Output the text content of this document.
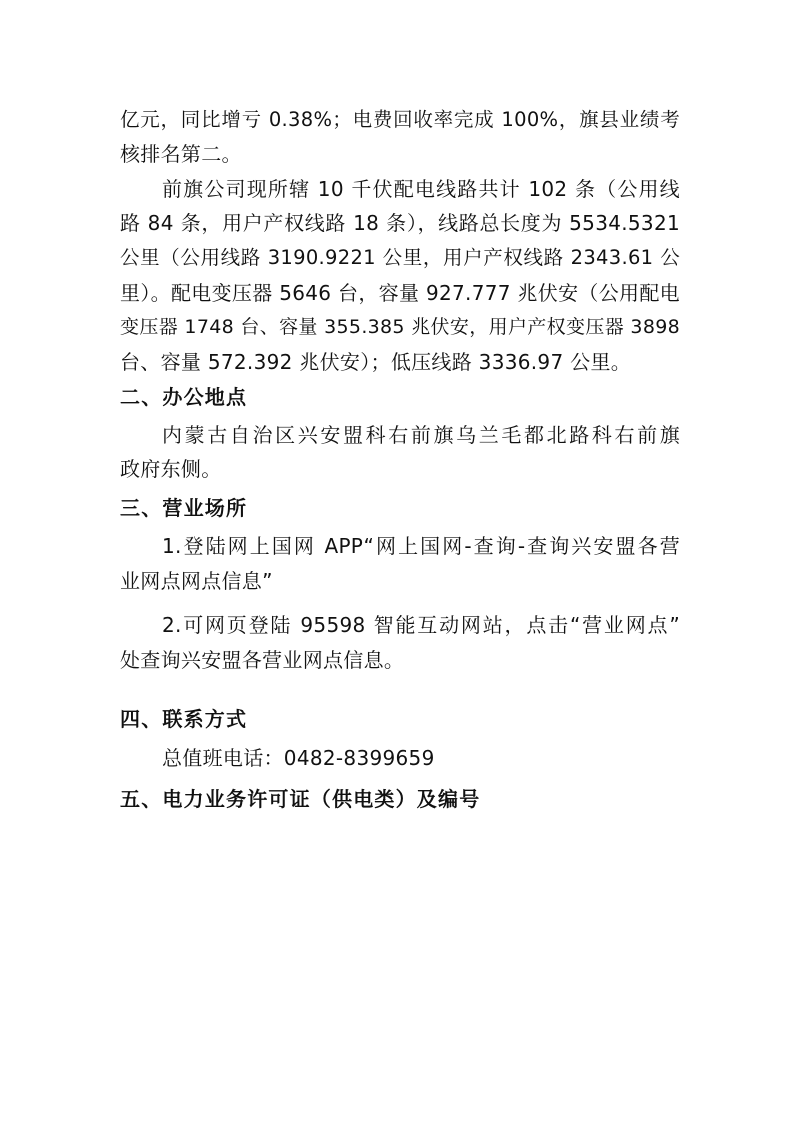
亿元，同比增亏 0.38%；电费回收率完成 100%，旗县业绩考
核排名第二。
前旗公司现所辖 10 千伏配电线路共计 102 条（公用线
路 84 条，用户产权线路 18 条），线路总长度为 5534.5321
公里（公用线路 3190.9221 公里，用户产权线路 2343.61 公
里）。配电变压器 5646 台，容量 927.777 兆伏安（公用配电
变压器 1748 台、容量 355.385 兆伏安，用户产权变压器 3898
台、容量 572.392 兆伏安）；低压线路 3336.97 公里。
二、办公地点
内蒙古自治区兴安盟科右前旗乌兰毛都北路科右前旗
政府东侧。
三、营业场所
1.登陆网上国网 APP“网上国网-查询-查询兴安盟各营
业网点网点信息”
2.可网页登陆 95598 智能互动网站，点击“营业网点”
处查询兴安盟各营业网点信息。
四、联系方式
总值班电话：0482-8399659
五、电力业务许可证（供电类）及编号
